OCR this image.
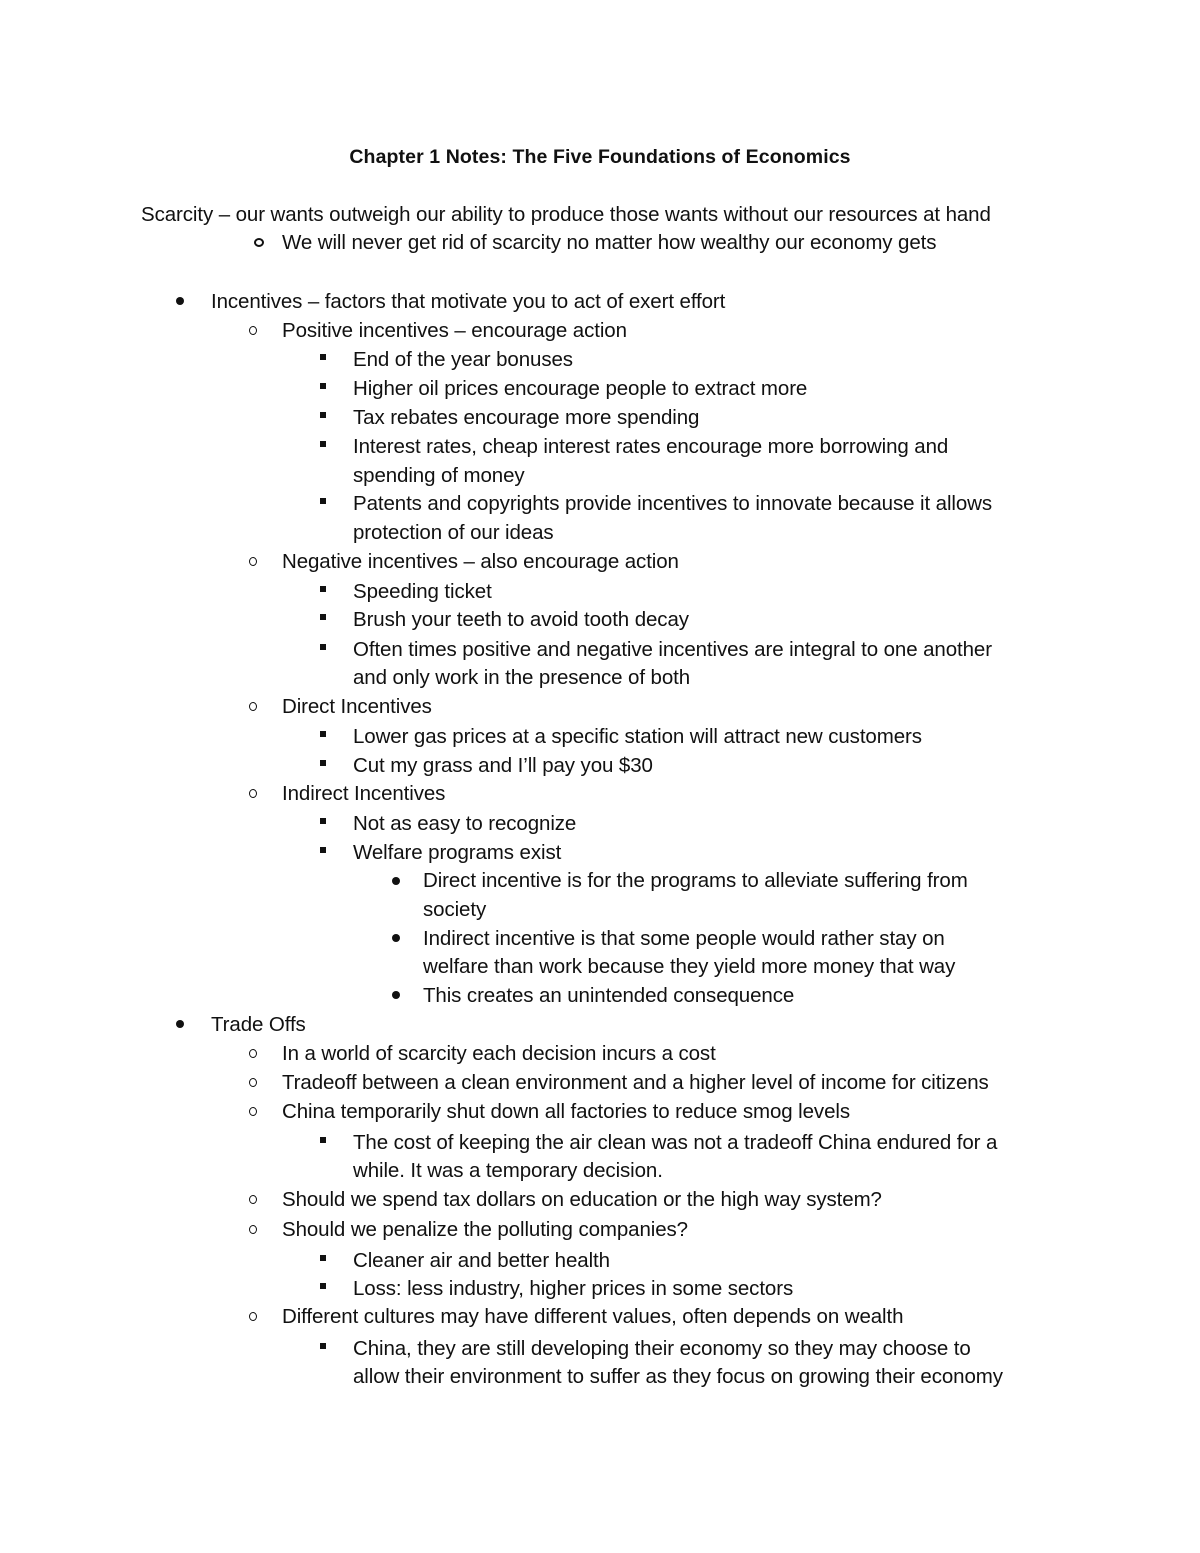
Chapter 1 Notes: The Five Foundations of Economics
Scarcity – our wants outweigh our ability to produce those wants without our resources at hand
We will never get rid of scarcity no matter how wealthy our economy gets
Incentives – factors that motivate you to act of exert effort
Positive incentives – encourage action
End of the year bonuses
Higher oil prices encourage people to extract more
Tax rebates encourage more spending
Interest rates, cheap interest rates encourage more borrowing and
spending of money
Patents and copyrights provide incentives to innovate because it allows
protection of our ideas
Negative incentives – also encourage action
Speeding ticket
Brush your teeth to avoid tooth decay
Often times positive and negative incentives are integral to one another
and only work in the presence of both
Direct Incentives
Lower gas prices at a specific station will attract new customers
Cut my grass and I’ll pay you $30
Indirect Incentives
Not as easy to recognize
Welfare programs exist
Direct incentive is for the programs to alleviate suffering from
society
Indirect incentive is that some people would rather stay on
welfare than work because they yield more money that way
This creates an unintended consequence
Trade Offs
In a world of scarcity each decision incurs a cost
Tradeoff between a clean environment and a higher level of income for citizens
China temporarily shut down all factories to reduce smog levels
The cost of keeping the air clean was not a tradeoff China endured for a
while. It was a temporary decision.
Should we spend tax dollars on education or the high way system?
Should we penalize the polluting companies?
Cleaner air and better health
Loss: less industry, higher prices in some sectors
Different cultures may have different values, often depends on wealth
China, they are still developing their economy so they may choose to
allow their environment to suffer as they focus on growing their economy
